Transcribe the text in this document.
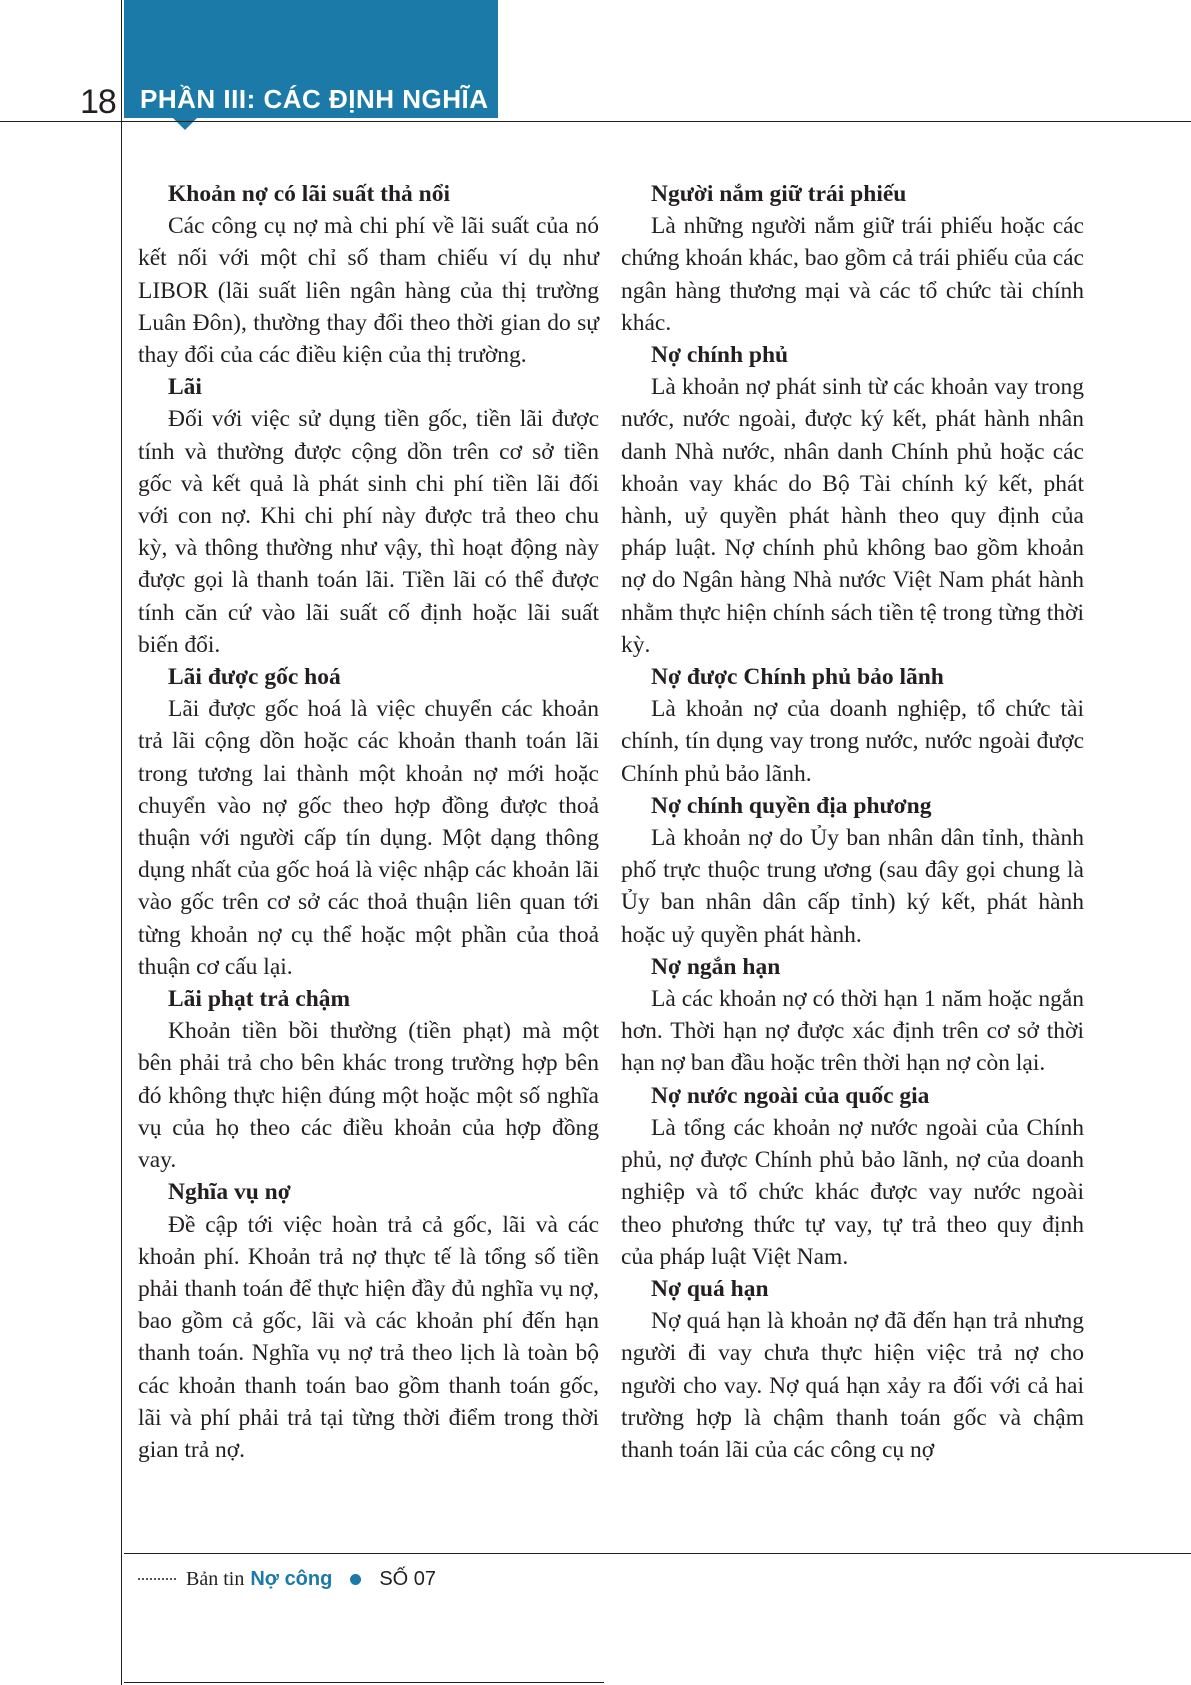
18 PHẦN III: CÁC ĐỊNH NGHĨA

Khoản nợ có lãi suất thả nổi

Các công cụ nợ mà chi phí về lãi suất của nó kết nối với một chỉ số tham chiếu ví dụ như LIBOR (lãi suất liên ngân hàng của thị trường Luân Đôn), thường thay đổi theo thời gian do sự thay đổi của các điều kiện của thị trường.

Lãi

Đối với việc sử dụng tiền gốc, tiền lãi được tính và thường được cộng dồn trên cơ sở tiền gốc và kết quả là phát sinh chi phí tiền lãi đối với con nợ. Khi chi phí này được trả theo chu kỳ, và thông thường như vậy, thì hoạt động này được gọi là thanh toán lãi. Tiền lãi có thể được tính căn cứ vào lãi suất cố định hoặc lãi suất biến đổi.

Lãi được gốc hoá

Lãi được gốc hoá là việc chuyển các khoản trả lãi cộng dồn hoặc các khoản thanh toán lãi trong tương lai thành một khoản nợ mới hoặc chuyển vào nợ gốc theo hợp đồng được thoả thuận với người cấp tín dụng. Một dạng thông dụng nhất của gốc hoá là việc nhập các khoản lãi vào gốc trên cơ sở các thoả thuận liên quan tới từng khoản nợ cụ thể hoặc một phần của thoả thuận cơ cấu lại.

Lãi phạt trả chậm

Khoản tiền bồi thường (tiền phạt) mà một bên phải trả cho bên khác trong trường hợp bên đó không thực hiện đúng một hoặc một số nghĩa vụ của họ theo các điều khoản của hợp đồng vay.

Nghĩa vụ nợ

Đề cập tới việc hoàn trả cả gốc, lãi và các khoản phí. Khoản trả nợ thực tế là tổng số tiền phải thanh toán để thực hiện đầy đủ nghĩa vụ nợ, bao gồm cả gốc, lãi và các khoản phí đến hạn thanh toán. Nghĩa vụ nợ trả theo lịch là toàn bộ các khoản thanh toán bao gồm thanh toán gốc, lãi và phí phải trả tại từng thời điểm trong thời gian trả nợ.

Người nắm giữ trái phiếu

Là những người nắm giữ trái phiếu hoặc các chứng khoán khác, bao gồm cả trái phiếu của các ngân hàng thương mại và các tổ chức tài chính khác.

Nợ chính phủ

Là khoản nợ phát sinh từ các khoản vay trong nước, nước ngoài, được ký kết, phát hành nhân danh Nhà nước, nhân danh Chính phủ hoặc các khoản vay khác do Bộ Tài chính ký kết, phát hành, uỷ quyền phát hành theo quy định của pháp luật. Nợ chính phủ không bao gồm khoản nợ do Ngân hàng Nhà nước Việt Nam phát hành nhằm thực hiện chính sách tiền tệ trong từng thời kỳ.

Nợ được Chính phủ bảo lãnh

Là khoản nợ của doanh nghiệp, tổ chức tài chính, tín dụng vay trong nước, nước ngoài được Chính phủ bảo lãnh.

Nợ chính quyền địa phương

Là khoản nợ do Ủy ban nhân dân tỉnh, thành phố trực thuộc trung ương (sau đây gọi chung là Ủy ban nhân dân cấp tỉnh) ký kết, phát hành hoặc uỷ quyền phát hành.

Nợ ngắn hạn

Là các khoản nợ có thời hạn 1 năm hoặc ngắn hơn. Thời hạn nợ được xác định trên cơ sở thời hạn nợ ban đầu hoặc trên thời hạn nợ còn lại.

Nợ nước ngoài của quốc gia

Là tổng các khoản nợ nước ngoài của Chính phủ, nợ được Chính phủ bảo lãnh, nợ của doanh nghiệp và tổ chức khác được vay nước ngoài theo phương thức tự vay, tự trả theo quy định của pháp luật Việt Nam.

Nợ quá hạn

Nợ quá hạn là khoản nợ đã đến hạn trả nhưng người đi vay chưa thực hiện việc trả nợ cho người cho vay. Nợ quá hạn xảy ra đối với cả hai trường hợp là chậm thanh toán gốc và chậm thanh toán lãi của các công cụ nợ

Bản tin Nợ công SỐ 07
